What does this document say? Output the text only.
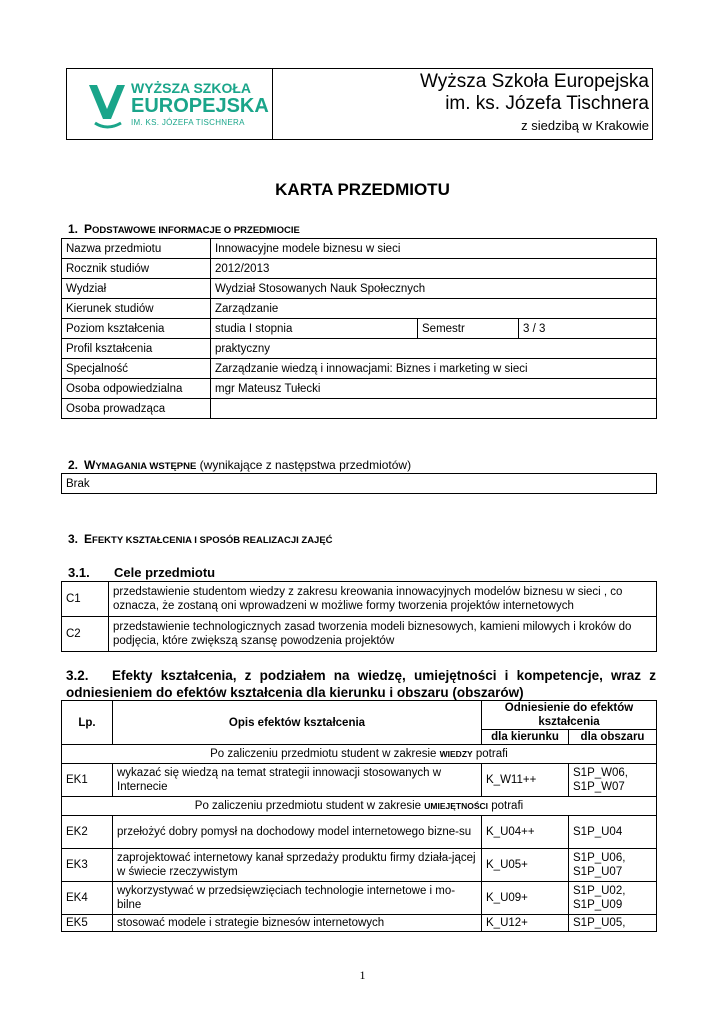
WYŻSZA SZKOŁA
EUROPEJSKA
IM. KS. JÓZEFA TISCHNERA
Wyższa Szkoła Europejska
im. ks. Józefa Tischnera
z siedzibą w Krakowie
KARTA PRZEDMIOTU
1. PODSTAWOWE INFORMACJE O PRZEDMIOCIE
Nazwa przedmiotu	Innowacyjne modele biznesu w sieci		
Rocznik studiów	2012/2013		
Wydział	Wydział Stosowanych Nauk Społecznych		
Kierunek studiów	Zarządzanie		
Poziom kształcenia	studia I stopnia	Semestr	3 / 3
Profil kształcenia	praktyczny		
Specjalność	Zarządzanie wiedzą i innowacjami: Biznes i marketing w sieci		
Osoba odpowiedzialna	mgr Mateusz Tułecki		
Osoba prowadząca			
2. WYMAGANIA WSTĘPNE (wynikające z następstwa przedmiotów)
Brak
3. EFEKTY KSZTAŁCENIA I SPOSÓB REALIZACJI ZAJĘĆ
3.1. Cele przedmiotu
C1	przedstawienie studentom wiedzy z zakresu kreowania innowacyjnych modelów biznesu w sieci , co oznacza, że zostaną oni wprowadzeni w możliwe formy tworzenia projektów internetowych
C2	przedstawienie technologicznych zasad tworzenia modeli biznesowych, kamieni milowych i kroków do podjęcia, które zwiększą szansę powodzenia projektów
3.2. Efekty kształcenia, z podziałem na wiedzę, umiejętności i kompetencje, wraz z odniesieniem do efektów kształcenia dla kierunku i obszaru (obszarów)
Lp.	Opis efektów kształcenia	Odniesienie do efektów kształcenia	
		dla kierunku	dla obszaru
Po zaliczeniu przedmiotu student w zakresie WIEDZY potrafi			
EK1	wykazać się wiedzą na temat strategii innowacji stosowanych w Internecie	K_W11++	S1P_W06,
S1P_W07

Po zaliczeniu przedmiotu student w zakresie UMIEJĘTNOŚCI potrafi			
EK2	przełożyć dobry pomysł na dochodowy model internetowego bizne-su	K_U04++	S1P_U04

EK3	zaprojektować internetowy kanał sprzedaży produktu firmy działa-jącej w świecie rzeczywistym	K_U05+	S1P_U06,
S1P_U07

EK4	wykorzystywać w przedsięwzięciach technologie internetowe i mo-bilne	K_U09+	S1P_U02,
S1P_U09

EK5	stosować modele i strategie biznesów internetowych	K_U12+	S1P_U05,
1
